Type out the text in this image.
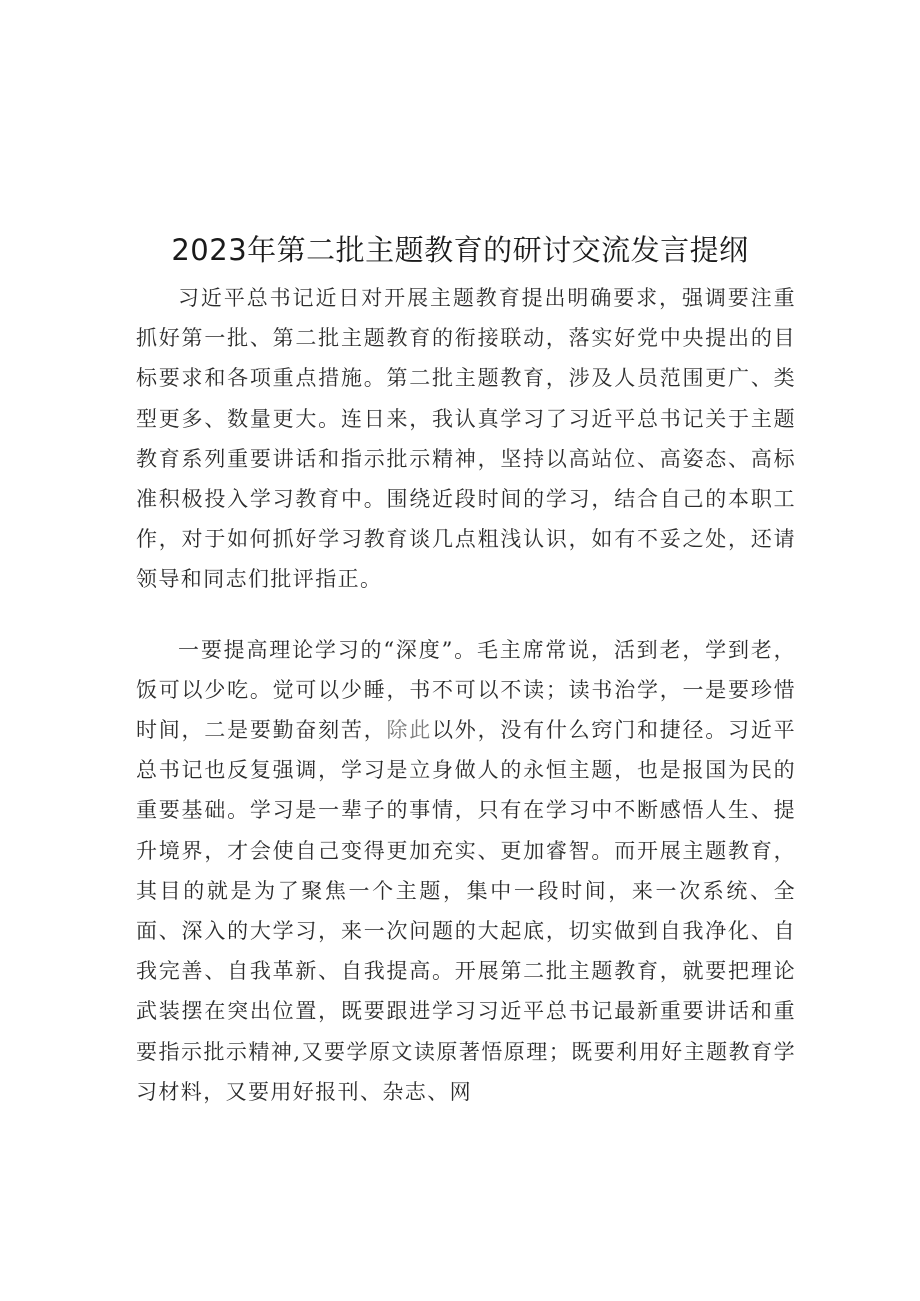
2023年第二批主题教育的研讨交流发言提纲

习近平总书记近日对开展主题教育提出明确要求，强调要注重抓好第一批、第二批主题教育的衔接联动，落实好党中央提出的目标要求和各项重点措施。第二批主题教育，涉及人员范围更广、类型更多、数量更大。连日来，我认真学习了习近平总书记关于主题教育系列重要讲话和指示批示精神，坚持以高站位、高姿态、高标准积极投入学习教育中。围绕近段时间的学习，结合自己的本职工作，对于如何抓好学习教育谈几点粗浅认识，如有不妥之处，还请领导和同志们批评指正。

一要提高理论学习的“深度”。毛主席常说，活到老，学到老，饭可以少吃。觉可以少睡，书不可以不读；读书治学，一是要珍惜时间，二是要勤奋刻苦，除此以外，没有什么窍门和捷径。习近平总书记也反复强调，学习是立身做人的永恒主题，也是报国为民的重要基础。学习是一辈子的事情，只有在学习中不断感悟人生、提升境界，才会使自己变得更加充实、更加睿智。而开展主题教育，其目的就是为了聚焦一个主题，集中一段时间，来一次系统、全面、深入的大学习，来一次问题的大起底，切实做到自我净化、自我完善、自我革新、自我提高。开展第二批主题教育，就要把理论武装摆在突出位置，既要跟进学习习近平总书记最新重要讲话和重要指示批示精神,又要学原文读原著悟原理；既要利用好主题教育学习材料，又要用好报刊、杂志、网
